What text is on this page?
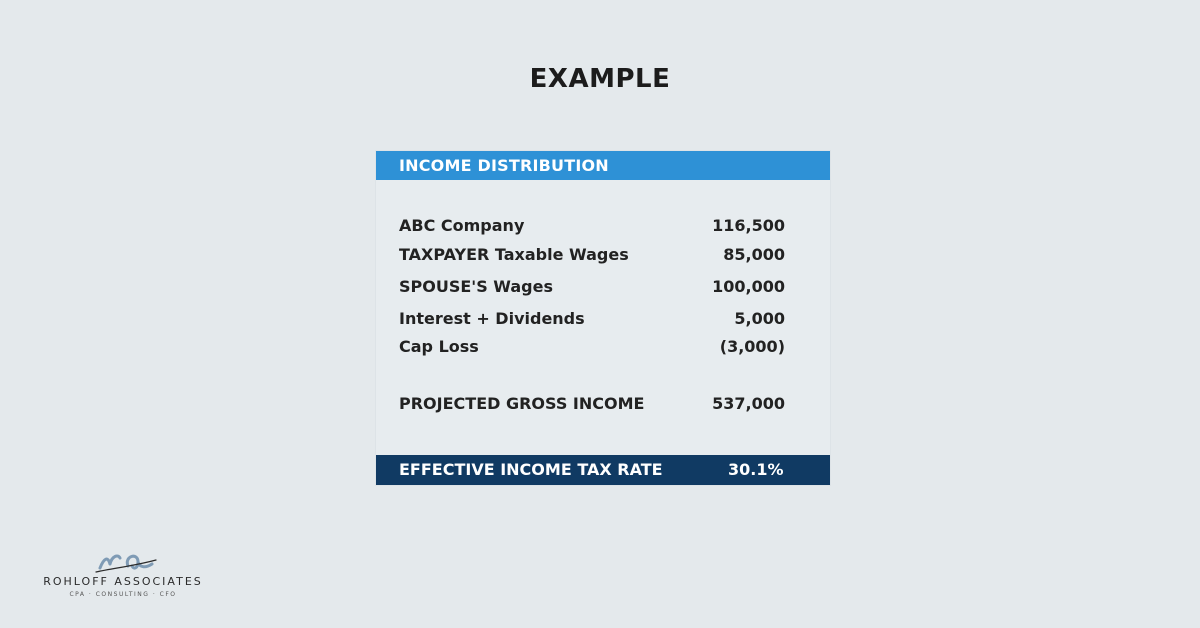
EXAMPLE
INCOME DISTRIBUTION
ABC Company	116,500
TAXPAYER Taxable Wages	85,000
SPOUSE'S Wages	100,000
Interest + Dividends	5,000
Cap Loss	(3,000)
PROJECTED GROSS INCOME	537,000
EFFECTIVE INCOME TAX RATE	30.1%
ROHLOFF ASSOCIATES
CPA · CONSULTING · CFO
